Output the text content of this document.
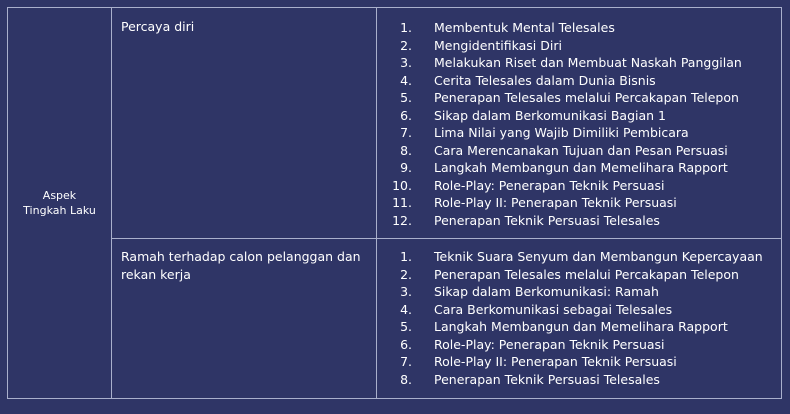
Aspek
Tingkah Laku
Percaya diri	1. Membentuk Mental Telesales
2. Mengidentifikasi Diri
3. Melakukan Riset dan Membuat Naskah Panggilan
4. Cerita Telesales dalam Dunia Bisnis
5. Penerapan Telesales melalui Percakapan Telepon
6. Sikap dalam Berkomunikasi Bagian 1
7. Lima Nilai yang Wajib Dimiliki Pembicara
8. Cara Merencanakan Tujuan dan Pesan Persuasi
9. Langkah Membangun dan Memelihara Rapport
10. Role-Play: Penerapan Teknik Persuasi
11. Role-Play II: Penerapan Teknik Persuasi
12. Penerapan Teknik Persuasi Telesales
Ramah terhadap calon pelanggan dan rekan kerja
1. Teknik Suara Senyum dan Membangun Kepercayaan
2. Penerapan Telesales melalui Percakapan Telepon
3. Sikap dalam Berkomunikasi: Ramah
4. Cara Berkomunikasi sebagai Telesales
5. Langkah Membangun dan Memelihara Rapport
6. Role-Play: Penerapan Teknik Persuasi
7. Role-Play II: Penerapan Teknik Persuasi
8. Penerapan Teknik Persuasi Telesales
